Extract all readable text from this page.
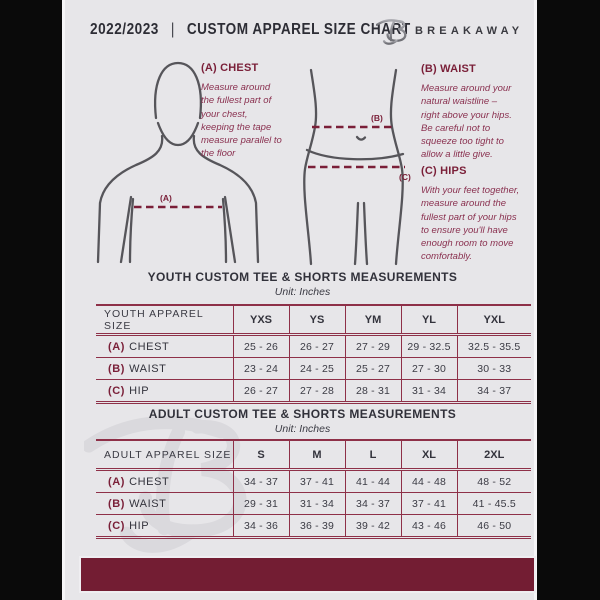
2022/2023 | CUSTOM APPAREL SIZE CHART BREAKAWAY
(A)
(B)
(C)
(A) CHEST

Measure around the fullest part of your chest, keeping the tape measure parallel to the floor

(B) WAIST

Measure around your natural waistline – right above your hips. Be careful not to squeeze too tight to allow a little give.

(C) HIPS

With your feet together, measure around the fullest part of your hips to ensure you'll have enough room to move comfortably.

YOUTH CUSTOM TEE & SHORTS MEASUREMENTS

Unit: Inches

YOUTH APPAREL SIZE	YXS	YS	YM	YL	YXL
(A) CHEST	25 - 26	26 - 27	27 - 29	29 - 32.5	32.5 - 35.5
(B) WAIST	23 - 24	24 - 25	25 - 27	27 - 30	30 - 33
(C) HIP	26 - 27	27 - 28	28 - 31	31 - 34	34 - 37

ADULT CUSTOM TEE & SHORTS MEASUREMENTS

Unit: Inches

ADULT APPAREL SIZE	S	M	L	XL	2XL
(A) CHEST	34 - 37	37 - 41	41 - 44	44 - 48	48 - 52
(B) WAIST	29 - 31	31 - 34	34 - 37	37 - 41	41 - 45.5
(C) HIP	34 - 36	36 - 39	39 - 42	43 - 46	46 - 50
